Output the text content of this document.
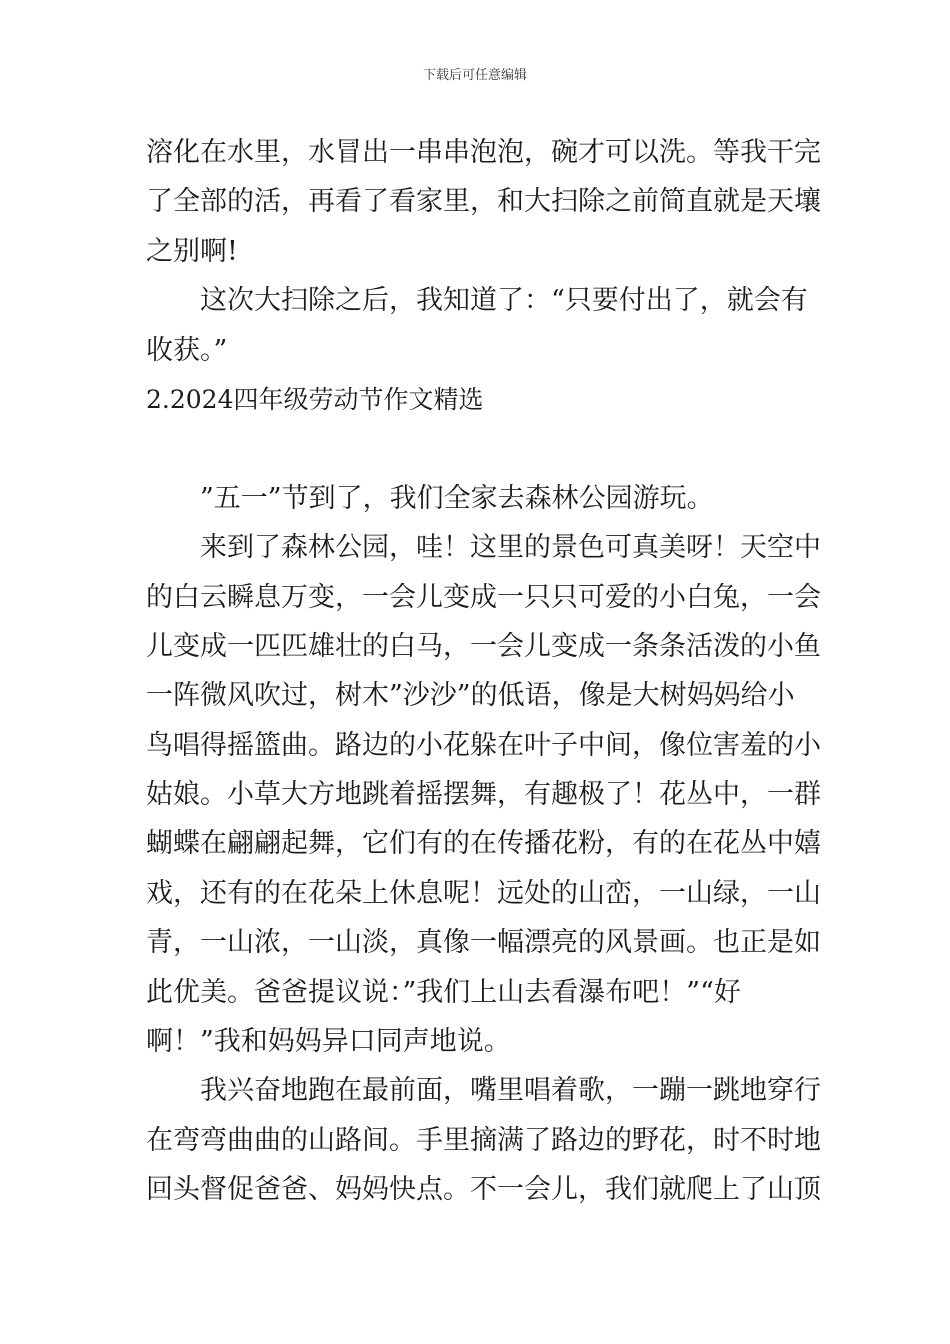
下载后可任意编辑
溶化在水里，水冒出一串串泡泡，碗才可以洗。等我干完
了全部的活，再看了看家里，和大扫除之前简直就是天壤
之别啊!
这次大扫除之后，我知道了：“只要付出了，就会有
收获。”
2.2024四年级劳动节作文精选
”五一”节到了，我们全家去森林公园游玩。
来到了森林公园，哇！这里的景色可真美呀！天空中
的白云瞬息万变，一会儿变成一只只可爱的小白兔，一会
儿变成一匹匹雄壮的白马，一会儿变成一条条活泼的小鱼
一阵微风吹过，树木”沙沙”的低语，像是大树妈妈给小
鸟唱得摇篮曲。路边的小花躲在叶子中间，像位害羞的小
姑娘。小草大方地跳着摇摆舞，有趣极了！花丛中，一群
蝴蝶在翩翩起舞，它们有的在传播花粉，有的在花丛中嬉
戏，还有的在花朵上休息呢！远处的山峦，一山绿，一山
青，一山浓，一山淡，真像一幅漂亮的风景画。也正是如
此优美。爸爸提议说：”我们上山去看瀑布吧！”“好
啊！”我和妈妈异口同声地说。
我兴奋地跑在最前面，嘴里唱着歌，一蹦一跳地穿行
在弯弯曲曲的山路间。手里摘满了路边的野花，时不时地
回头督促爸爸、妈妈快点。不一会儿，我们就爬上了山顶
